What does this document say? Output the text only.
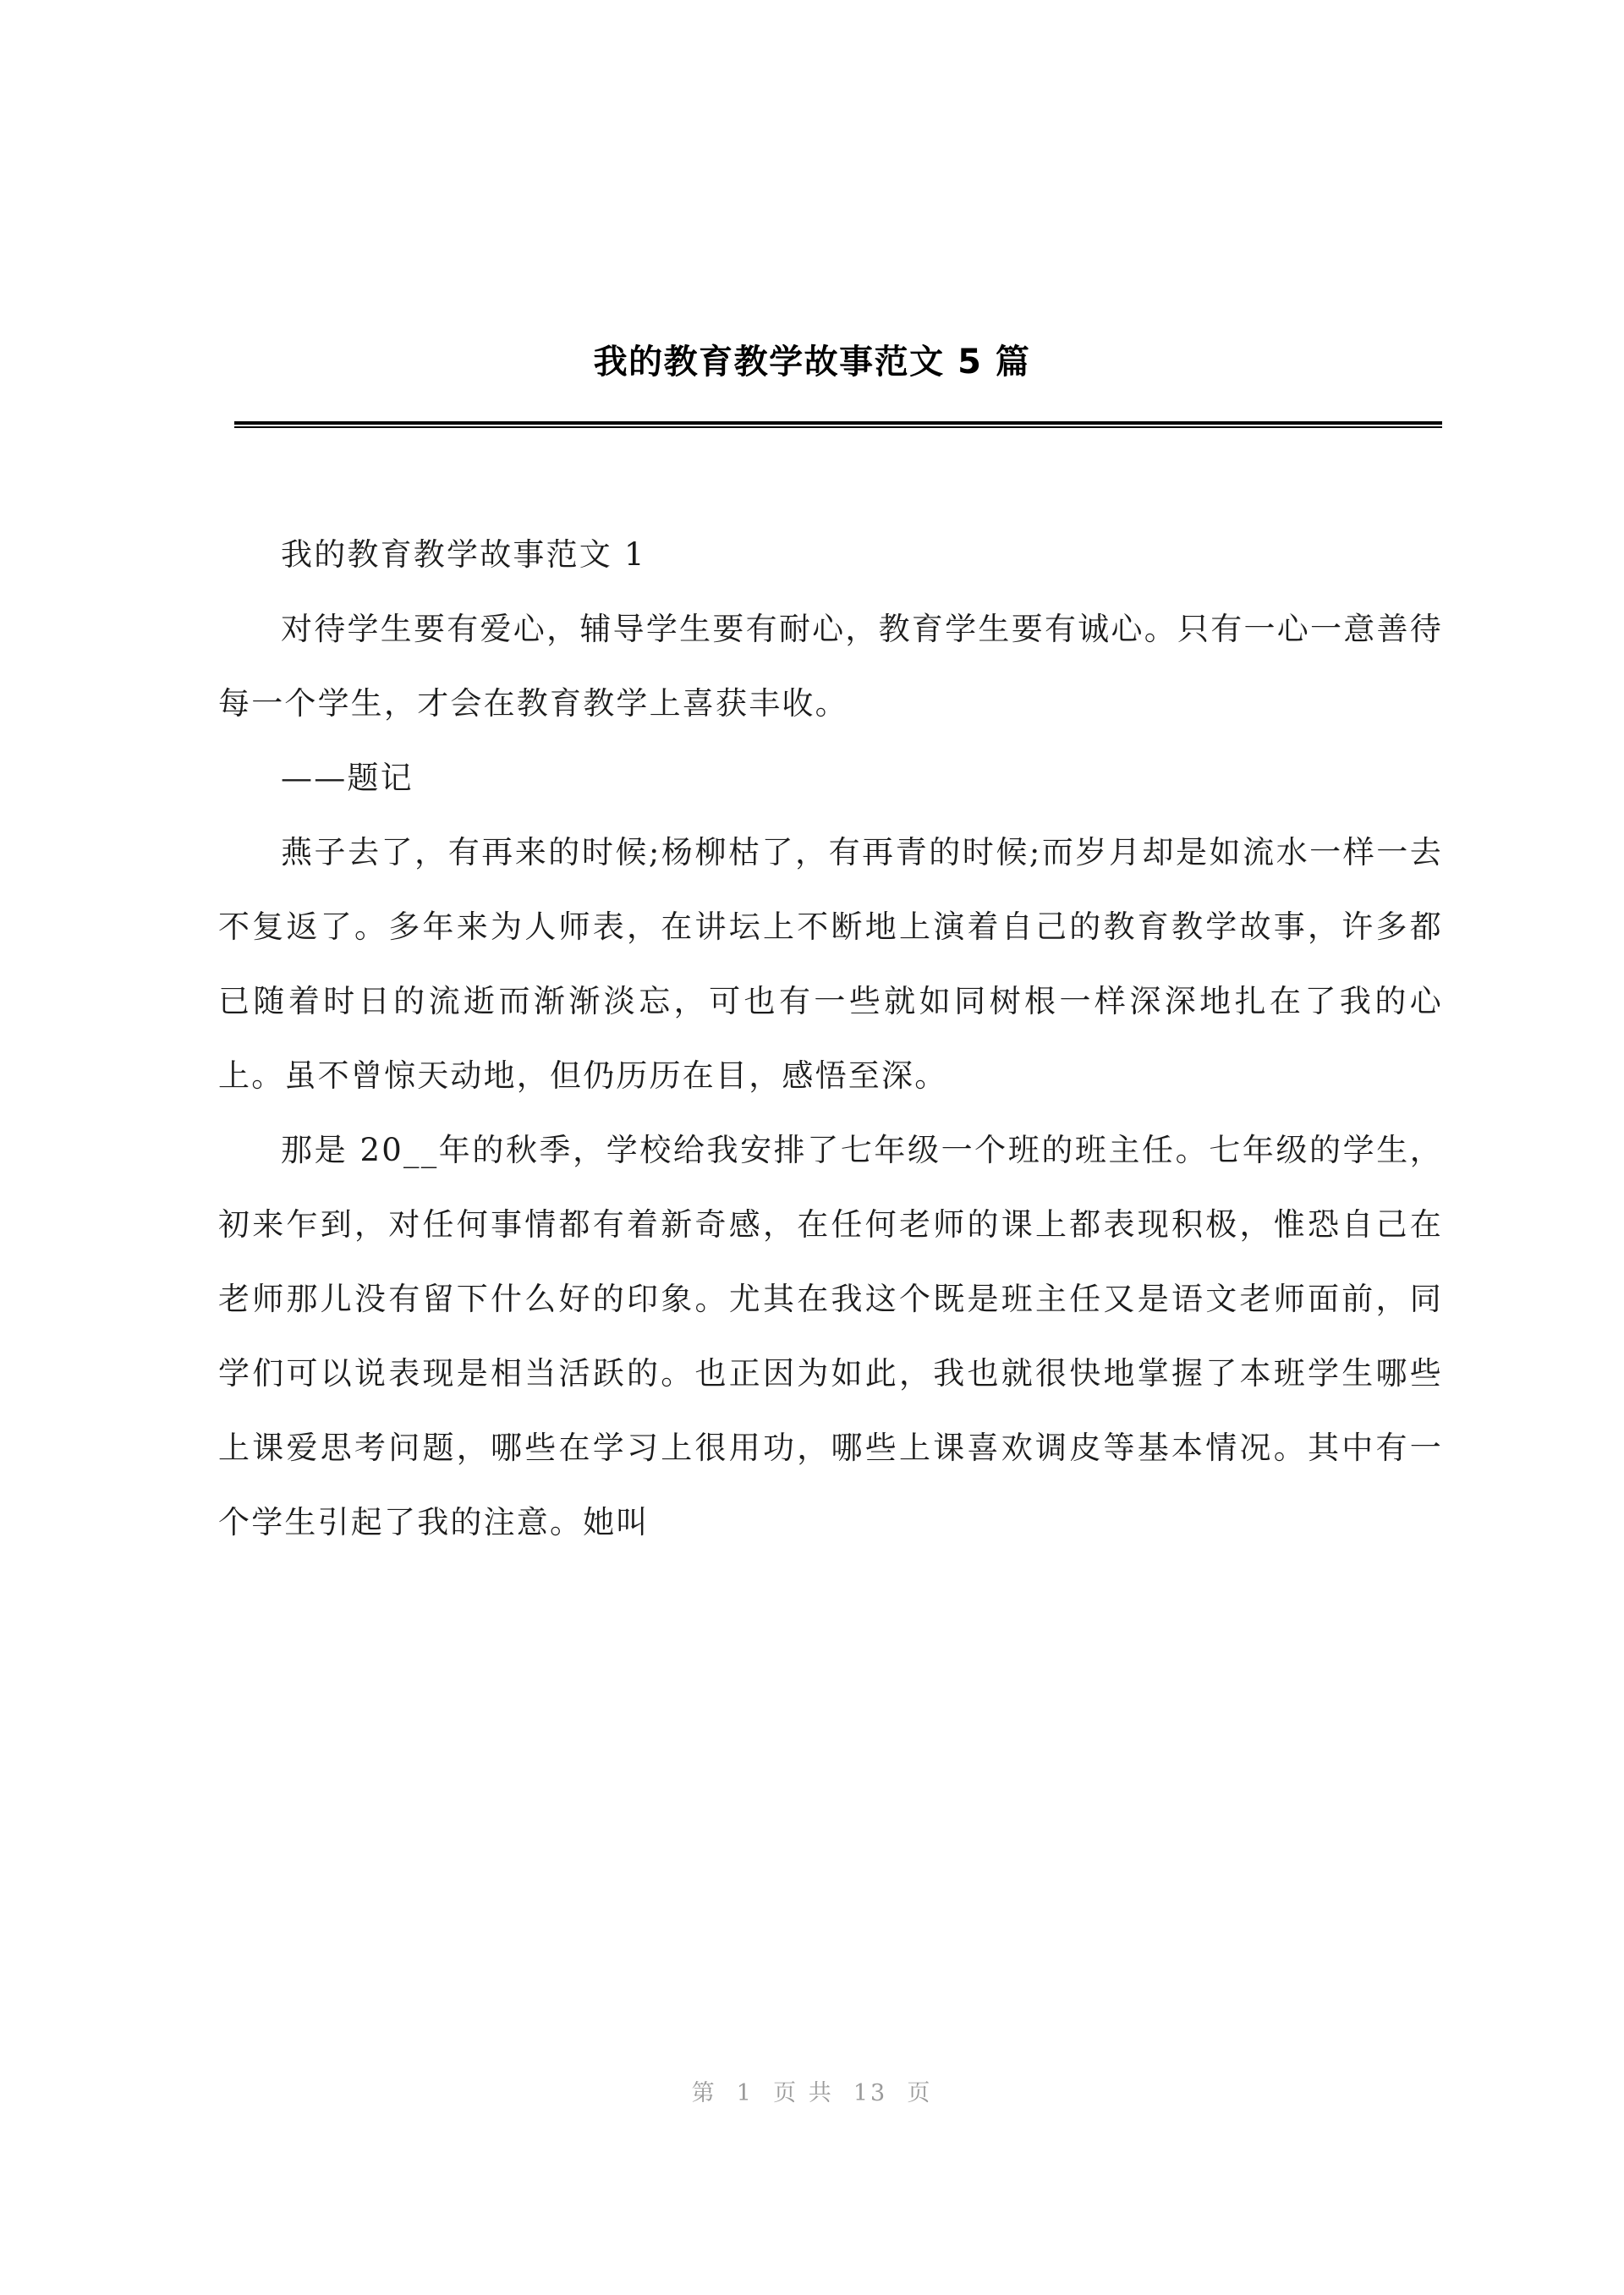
我的教育教学故事范文 5 篇

我的教育教学故事范文 1

对待学生要有爱心，辅导学生要有耐心，教育学生要有诚心。只有一心一意善待每一个学生，才会在教育教学上喜获丰收。

——题记

燕子去了，有再来的时候;杨柳枯了，有再青的时候;而岁月却是如流水一样一去不复返了。多年来为人师表，在讲坛上不断地上演着自己的教育教学故事，许多都已随着时日的流逝而渐渐淡忘，可也有一些就如同树根一样深深地扎在了我的心上。虽不曾惊天动地，但仍历历在目，感悟至深。

那是 20__年的秋季，学校给我安排了七年级一个班的班主任。七年级的学生，初来乍到，对任何事情都有着新奇感，在任何老师的课上都表现积极，惟恐自己在老师那儿没有留下什么好的印象。尤其在我这个既是班主任又是语文老师面前，同学们可以说表现是相当活跃的。也正因为如此，我也就很快地掌握了本班学生哪些上课爱思考问题，哪些在学习上很用功，哪些上课喜欢调皮等基本情况。其中有一个学生引起了我的注意。她叫

第  1  页 共  13  页
